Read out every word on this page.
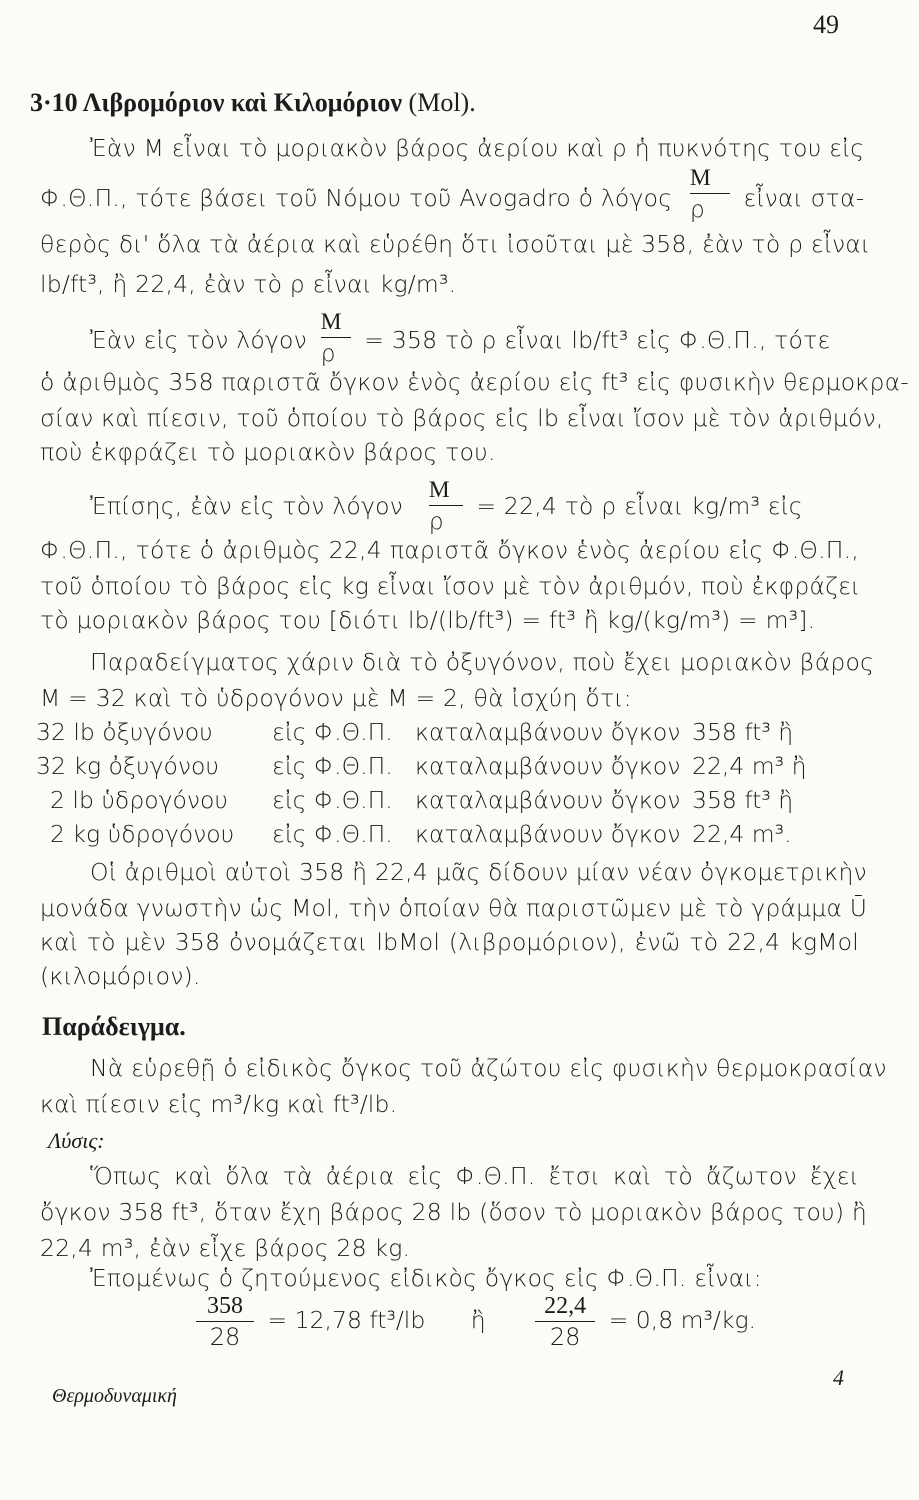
49
3·10 Λιβρομόριον καὶ Κιλομόριον (Mol).
Ἐὰν M εἶναι τὸ μοριακὸν βάρος ἀερίου καὶ ρ ἡ πυκνότης του εἰς
Φ.Θ.Π., τότε βάσει τοῦ Νόμου τοῦ Avogadro ὁ λόγος $\frac{M}{\rho}$ εἶναι στα-
θερὸς δι' ὅλα τὰ ἀέρια καὶ εὑρέθη ὅτι ἰσοῦται μὲ 358, ἐὰν τὸ ρ εἶναι
lb/ft³, ἢ 22,4, ἐὰν τὸ ρ εἶναι kg/m³.
Ἐὰν εἰς τὸν λόγον $\frac{M}{\rho} = 358$ τὸ ρ εἶναι lb/ft³ εἰς Φ.Θ.Π., τότε
ὁ ἀριθμὸς 358 παριστᾶ ὄγκον ἑνὸς ἀερίου εἰς ft³ εἰς φυσικὴν θερμοκρα-
σίαν καὶ πίεσιν, τοῦ ὁποίου τὸ βάρος εἰς lb εἶναι ἴσον μὲ τὸν ἀριθμόν,
ποὺ ἐκφράζει τὸ μοριακὸν βάρος του.
Ἐπίσης, ἐὰν εἰς τὸν λόγον $\frac{M}{\rho} = 22,4$ τὸ ρ εἶναι kg/m³ εἰς
Φ.Θ.Π., τότε ὁ ἀριθμὸς 22,4 παριστᾶ ὄγκον ἑνὸς ἀερίου εἰς Φ.Θ.Π.,
τοῦ ὁποίου τὸ βάρος εἰς kg εἶναι ἴσον μὲ τὸν ἀριθμόν, ποὺ ἐκφράζει
τὸ μοριακὸν βάρος του [διότι lb/(lb/ft³) = ft³ ἢ kg/(kg/m³) = m³].
Παραδείγματος χάριν διὰ τὸ ὀξυγόνον, ποὺ ἔχει μοριακὸν βάρος
M = 32 καὶ τὸ ὑδρογόνον μὲ M = 2, θὰ ἰσχύη ὅτι:
32 lb ὀξυγόνου	εἰς Φ.Θ.Π. καταλαμβάνουν ὄγκον 358 ft³ ἢ
32 kg ὀξυγόνου	εἰς Φ.Θ.Π. καταλαμβάνουν ὄγκον 22,4 m³ ἢ
2 lb ὑδρογόνου	εἰς Φ.Θ.Π. καταλαμβάνουν ὄγκον 358 ft³ ἢ
2 kg ὑδρογόνου	εἰς Φ.Θ.Π. καταλαμβάνουν ὄγκον 22,4 m³.
Οἱ ἀριθμοὶ αὐτοὶ 358 ἢ 22,4 μᾶς δίδουν μίαν νέαν ὀγκομετρικὴν
μονάδα γνωστὴν ὡς Mol, τὴν ὁποίαν θὰ παριστῶμεν μὲ τὸ γράμμα Ū
καὶ τὸ μὲν 358 ὀνομάζεται lbMol (λιβρομόριον), ἐνῶ τὸ 22,4 kgMol
(κιλομόριον).
Παράδειγμα.
Νὰ εὑρεθῇ ὁ εἰδικὸς ὄγκος τοῦ ἀζώτου εἰς φυσικὴν θερμοκρασίαν
καὶ πίεσιν εἰς m³/kg καὶ ft³/lb.
Λύσις:
Ὅπως καὶ ὅλα τὰ ἀέρια εἰς Φ.Θ.Π. ἔτσι καὶ τὸ ἄζωτον ἔχει
ὄγκον 358 ft³, ὅταν ἔχη βάρος 28 lb (ὅσον τὸ μοριακὸν βάρος του) ἢ
22,4 m³, ἐὰν εἶχε βάρος 28 kg.
Ἐπομένως ὁ ζητούμενος εἰδικὸς ὄγκος εἰς Φ.Θ.Π. εἶναι:
$\frac{358}{28} = 12,78$ ft³/lb ἢ $\frac{22,4}{28} = 0,8$ m³/kg.
4
Θερμοδυναμική
